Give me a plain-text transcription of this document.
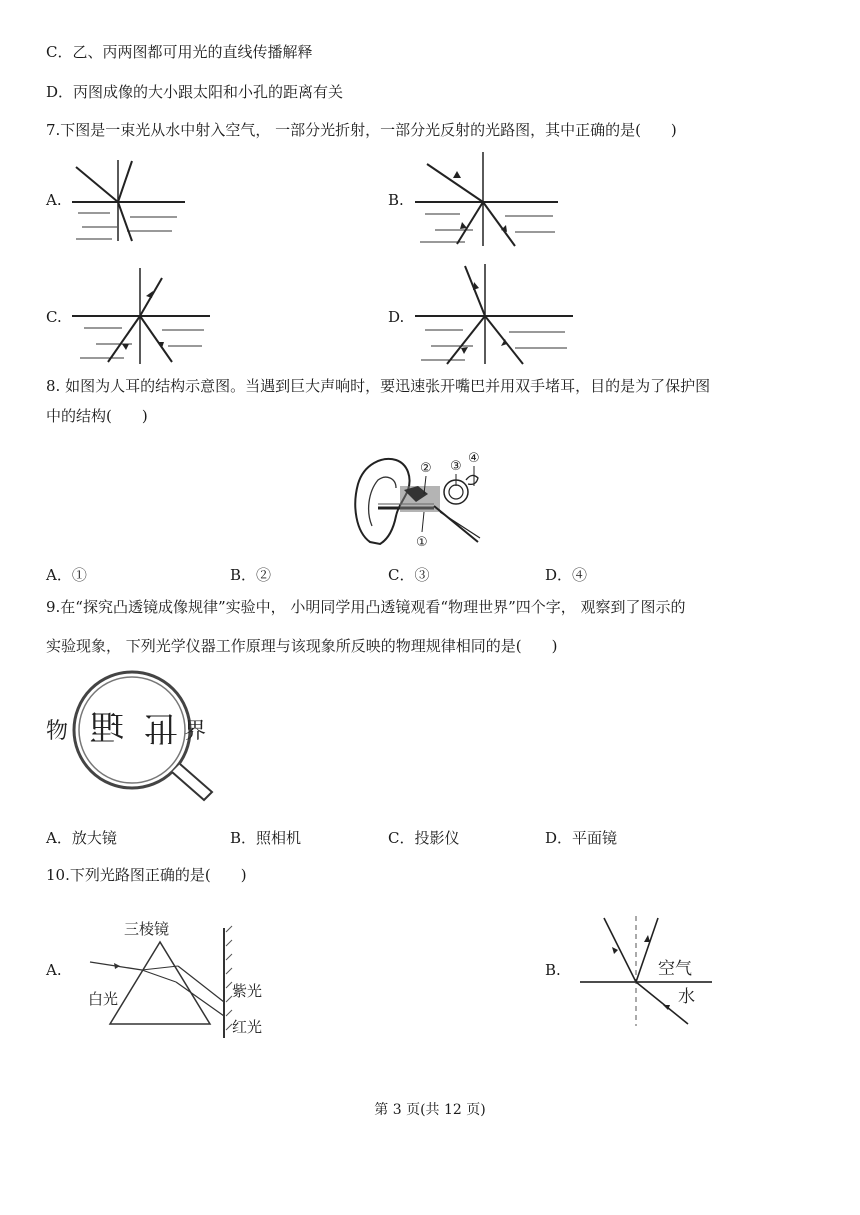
C．乙、丙两图都可用光的直线传播解释
D．丙图成像的大小跟太阳和小孔的距离有关
7.下图是一束光从水中射入空气， 一部分光折射，一部分光反射的光路图，其中正确的是(　　)
A.	B.
C.	D.
8. 如图为人耳的结构示意图。当遇到巨大声响时，要迅速张开嘴巴并用双手堵耳，目的是为了保护图
中的结构(　　)
② ③
④
①
A．①	B．②	C．③	D．④
9.在“探究凸透镜成像规律”实验中， 小明同学用凸透镜观看“物理世界”四个字， 观察到了图示的
实验现象， 下列光学仪器工作原理与该现象所反映的物理规律相同的是(　　)
物 理 世 界
A．放大镜	B．照相机	C．投影仪	D．平面镜
10.下列光路图正确的是(　　)
A.
三棱镜
白光	紫光
红光
B.	空气
水
第 3 页(共 12 页)
